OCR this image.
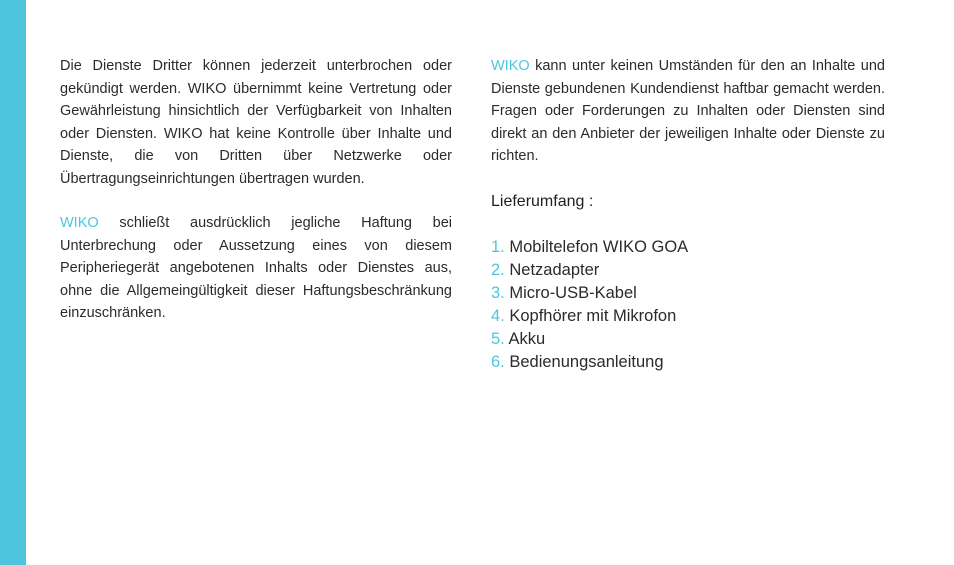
Die Dienste Dritter können jederzeit unterbrochen oder gekündigt werden. WIKO übernimmt keine Vertretung oder Gewährleistung hinsichtlich der Verfügbarkeit von Inhalten oder Diensten. WIKO hat keine Kontrolle über Inhalte und Dienste, die von Dritten über Netzwerke oder Übertragungseinrichtungen übertragen wurden.

WIKO schließt ausdrücklich jegliche Haftung bei Unterbrechung oder Aussetzung eines von diesem Peripheriegerät angebotenen Inhalts oder Dienstes aus, ohne die Allgemeingültigkeit dieser Haftungsbeschränkung einzuschränken.

WIKO kann unter keinen Umständen für den an Inhalte und Dienste gebundenen Kundendienst haftbar gemacht werden. Fragen oder Forderungen zu Inhalten oder Diensten sind direkt an den Anbieter der jeweiligen Inhalte oder Dienste zu richten.

Lieferumfang :
1. Mobiltelefon WIKO GOA
2. Netzadapter
3. Micro-USB-Kabel
4. Kopfhörer mit Mikrofon
5. Akku
6. Bedienungsanleitung
